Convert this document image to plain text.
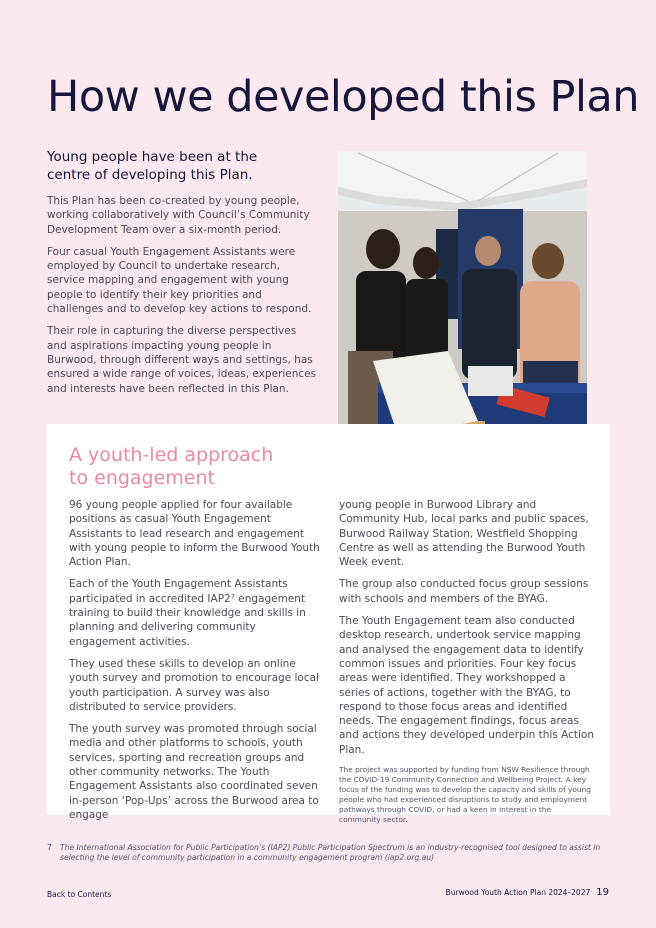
How we developed this Plan
Young people have been at the
centre of developing this Plan.

This Plan has been co-created by young people, working collaboratively with Council’s Community Development Team over a six-month period.

Four casual Youth Engagement Assistants were employed by Council to undertake research, service mapping and engagement with young people to identify their key priorities and challenges and to develop key actions to respond.

Their role in capturing the diverse perspectives and aspirations impacting young people in Burwood, through different ways and settings, has ensured a wide range of voices, ideas, experiences and interests have been reflected in this Plan.

A youth-led approach
to engagement

96 young people applied for four available positions as casual Youth Engagement Assistants to lead research and engagement with young people to inform the Burwood Youth Action Plan.

Each of the Youth Engagement Assistants participated in accredited IAP2⁷ engagement training to build their knowledge and skills in planning and delivering community engagement activities.

They used these skills to develop an online youth survey and promotion to encourage local youth participation. A survey was also distributed to service providers.

The youth survey was promoted through social media and other platforms to schools, youth services, sporting and recreation groups and other community networks. The Youth Engagement Assistants also coordinated seven in-person ‘Pop-Ups’ across the Burwood area to engage

young people in Burwood Library and Community Hub, local parks and public spaces, Burwood Railway Station, Westfield Shopping Centre as well as attending the Burwood Youth Week event.

The group also conducted focus group sessions with schools and members of the BYAG.

The Youth Engagement team also conducted desktop research, undertook service mapping and analysed the engagement data to identify common issues and priorities. Four key focus areas were identified. They workshopped a series of actions, together with the BYAG, to respond to those focus areas and identified needs. The engagement findings, focus areas and actions they developed underpin this Action Plan.

The project was supported by funding from NSW Resilience through the COVID-19 Community Connection and Wellbeing Project. A key focus of the funding was to develop the capacity and skills of young people who had experienced disruptions to study and employment pathways through COVID, or had a keen in interest in the community sector.

7	The International Association for Public Participation’s (IAP2) Public Participation Spectrum is an industry-recognised tool designed to assist in selecting the level of community participation in a community engagement program (iap2.org.au)
Back to Contents	Burwood Youth Action Plan 2024–2027 19
